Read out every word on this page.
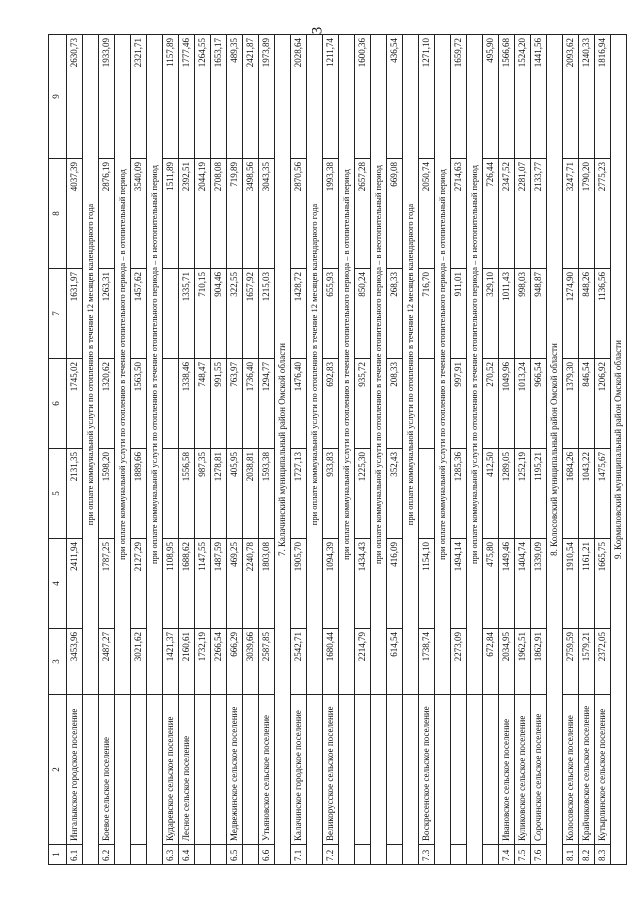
3
1	2	3	4	5	6	7	8	9
6.1	Ингалыкское городское поселение	3453,96	2411,94	2131,35	1745,02	1631,97	4037,39	2630,73
		при оплате коммунальной услуги по отоплению в течение 12 месяцев календарного года						
6.2	Боевое сельское поселение	2487,27	1787,25	1598,20	1320,62	1263,31	2876,19	1933,09
		при оплате коммунальной услуги по отоплению в течение отопительного периода – в отопительный период						
		3021,62	2127,29	1889,66	1563,50	1457,62	3540,09	2321,71
		при оплате коммунальной услуги по отоплению в течение отопительного периода – в неотопительный период						
6.3	Кударевское сельское поселение	1421,37	1108,95				1511,89	1157,89
6.4	Лесное сельское поселение	2160,61	1688,62	1556,58	1338,46	1335,71	2392,51	1777,46
		1732,19	1147,55	987,35	748,47	710,15	2044,19	1264,55
		2266,54	1487,59	1278,81	991,55	904,46	2708,08	1653,17
6.5	Медвежинское сельское поселение	666,29	469,25	405,95	763,97	322,55	719,89	489,35
		3039,66	2240,78	2038,81	1736,40	1657,92	3498,56	2421,87
6.6	Утьяновское сельское поселение	2587,85	1803,08	1593,38	1294,77	1215,03	3043,35	1973,89
7. Калачинский муниципальный район Омской области								
7.1	Калачинское городское поселение	2542,71	1905,70	1727,13	1476,40	1428,72	2870,56	2028,64
		при оплате коммунальной услуги по отоплению в течение 12 месяцев календарного года						
7.2	Великорусское сельское поселение	1680,44	1094,39	933,83	692,83	655,93	1993,38	1211,74
		при оплате коммунальной услуги по отоплению в течение отопительного периода – в отопительный период						
		2214,79	1434,43	1225,30	935,72	850,24	2657,28	1600,36
		при оплате коммунальной услуги по отоплению в течение отопительного периода – в неотопительный период						
		614,54	416,09	352,43	208,33	268,33	669,08	436,54
		при оплате коммунальной услуги по отоплению в течение 12 месяцев календарного года						
7.3	Воскресенское сельское поселение	1738,74	1154,10			716,70	2050,74	1271,10
		при оплате коммунальной услуги по отоплению в течение отопительного периода – в отопительный период						
		2273,09	1494,14	1285,36	997,91	911,01	2714,63	1659,72
		при оплате коммунальной услуги по отоплению в течение отопительного периода – в неотопительный период						
		672,84	475,80	412,50	270,52	329,10	726,44	495,90
7.4	Ивановское сельское поселение	2034,95	1449,46	1289,05	1049,96	1011,43	2347,52	1566,68
7.5	Куликовское сельское поселение	1962,51	1404,74	1252,19	1013,24	998,03	2281,07	1524,20
7.6	Сорочинское сельское поселение	1862,91	1339,09	1195,21	966,54	948,87	2133,77	1441,56
8. Колосовский муниципальный район Омской области								
8.1	Колосовское сельское поселение	2759,59	1910,54	1684,26	1379,30	1274,90	3247,71	2093,62
8.2	Крайчиковское сельское поселение	1579,21	1161,21	1043,22	846,54	848,26	1790,20	1240,33
8.3	Кутырлинское сельское поселение	2372,05	1665,75	1475,67	1206,92	1136,56	2775,23	1816,94
9. Кормиловский муниципальный район Омской области								
